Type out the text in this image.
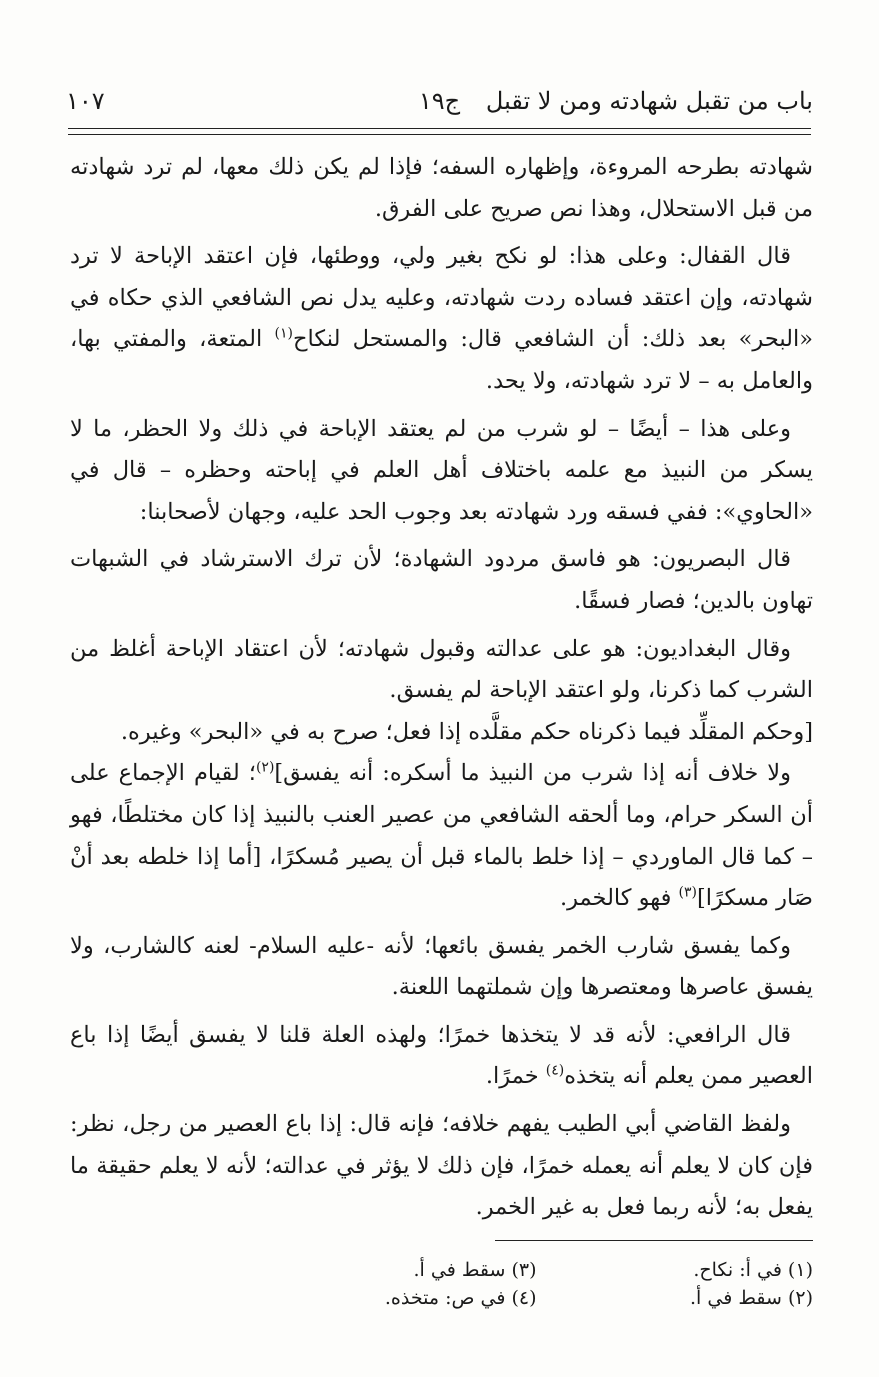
باب من تقبل شهادته ومن لا تقبل
ج١٩
١٠٧

شهادته بطرحه المروءة، وإظهاره السفه؛ فإذا لم يكن ذلك معها، لم ترد شهادته من قبل الاستحلال، وهذا نص صريح على الفرق.

قال القفال: وعلى هذا: لو نكح بغير ولي، ووطئها، فإن اعتقد الإباحة لا ترد شهادته، وإن اعتقد فساده ردت شهادته، وعليه يدل نص الشافعي الذي حكاه في «البحر» بعد ذلك: أن الشافعي قال: والمستحل لنكاح$^{(١)}$ المتعة، والمفتي بها، والعامل به – لا ترد شهادته، ولا يحد.

وعلى هذا – أيضًا – لو شرب من لم يعتقد الإباحة في ذلك ولا الحظر، ما لا يسكر من النبيذ مع علمه باختلاف أهل العلم في إباحته وحظره – قال في «الحاوي»: ففي فسقه ورد شهادته بعد وجوب الحد عليه، وجهان لأصحابنا:

قال البصريون: هو فاسق مردود الشهادة؛ لأن ترك الاسترشاد في الشبهات تهاون بالدين؛ فصار فسقًا.

وقال البغداديون: هو على عدالته وقبول شهادته؛ لأن اعتقاد الإباحة أغلظ من الشرب كما ذكرنا، ولو اعتقد الإباحة لم يفسق.

[وحكم المقلِّد فيما ذكرناه حكم مقلَّده إذا فعل؛ صرح به في «البحر» وغيره.

ولا خلاف أنه إذا شرب من النبيذ ما أسكره: أنه يفسق]$^{(٢)}$؛ لقيام الإجماع على أن السكر حرام، وما ألحقه الشافعي من عصير العنب بالنبيذ إذا كان مختلطًا، فهو – كما قال الماوردي – إذا خلط بالماء قبل أن يصير مُسكرًا، [أما إذا خلطه بعد أنْ صَار مسكرًا]$^{(٣)}$ فهو كالخمر.

وكما يفسق شارب الخمر يفسق بائعها؛ لأنه -عليه السلام- لعنه كالشارب، ولا يفسق عاصرها ومعتصرها وإن شملتهما اللعنة.

قال الرافعي: لأنه قد لا يتخذها خمرًا؛ ولهذه العلة قلنا لا يفسق أيضًا إذا باع العصير ممن يعلم أنه يتخذه$^{(٤)}$ خمرًا.

ولفظ القاضي أبي الطيب يفهم خلافه؛ فإنه قال: إذا باع العصير من رجل، نظر: فإن كان لا يعلم أنه يعمله خمرًا، فإن ذلك لا يؤثر في عدالته؛ لأنه لا يعلم حقيقة ما يفعل به؛ لأنه ربما فعل به غير الخمر.

(١) في أ: نكاح.
(٢) سقط في أ.
(٣) سقط في أ.
(٤) في ص: متخذه.
